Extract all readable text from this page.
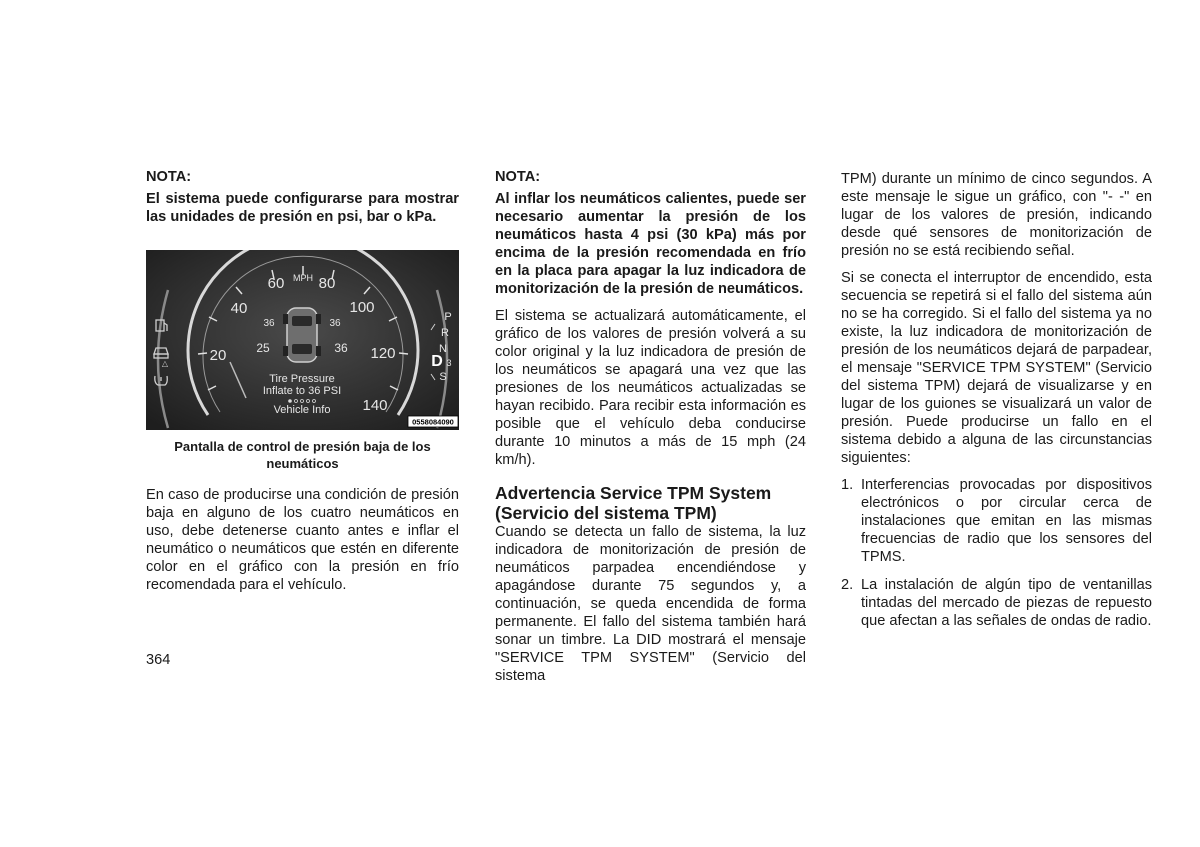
NOTA:

El sistema puede configurarse para mostrar las unidades de presión en psi, bar o kPa.

20
40
60 80
100
120
140
MPH
36	36
25	36
Tire Pressure
Inflate to 36 PSI
Vehicle Info
△
P
R
N
D 3
S
0558084090
Pantalla de control de presión baja de los neumáticos

En caso de producirse una condición de presión baja en alguno de los cuatro neumáticos en uso, debe detenerse cuanto antes e inflar el neumático o neumáticos que estén en diferente color en el gráfico con la presión en frío recomendada para el vehículo.

NOTA:

Al inflar los neumáticos calientes, puede ser necesario aumentar la presión de los neumáticos hasta 4 psi (30 kPa) más por encima de la presión recomendada en frío en la placa para apagar la luz indicadora de monitorización de la presión de neumáticos.

El sistema se actualizará automáticamente, el gráfico de los valores de presión volverá a su color original y la luz indicadora de presión de los neumáticos se apagará una vez que las presiones de los neumáticos actualizadas se hayan recibido. Para recibir esta información es posible que el vehículo deba conducirse durante 10 minutos a más de 15 mph (24 km/h).

Advertencia Service TPM System (Servicio del sistema TPM)

Cuando se detecta un fallo de sistema, la luz indicadora de monitorización de presión de neumáticos parpadea encendiéndose y apagándose durante 75 segundos y, a continuación, se queda encendida de forma permanente. El fallo del sistema también hará sonar un timbre. La DID mostrará el mensaje "SERVICE TPM SYSTEM" (Servicio del sistema

TPM) durante un mínimo de cinco segundos. A este mensaje le sigue un gráfico, con "- -" en lugar de los valores de presión, indicando desde qué sensores de monitorización de presión no se está recibiendo señal.

Si se conecta el interruptor de encendido, esta secuencia se repetirá si el fallo del sistema aún no se ha corregido. Si el fallo del sistema ya no existe, la luz indicadora de monitorización de presión de los neumáticos dejará de parpadear, el mensaje "SERVICE TPM SYSTEM" (Servicio del sistema TPM) dejará de visualizarse y en lugar de los guiones se visualizará un valor de presión. Puede producirse un fallo en el sistema debido a alguna de las circunstancias siguientes:

1. Interferencias provocadas por dispositivos electrónicos o por circular cerca de instalaciones que emitan en las mismas frecuencias de radio que los sensores del TPMS.
2. La instalación de algún tipo de ventanillas tintadas del mercado de piezas de repuesto que afectan a las señales de ondas de radio.
364
